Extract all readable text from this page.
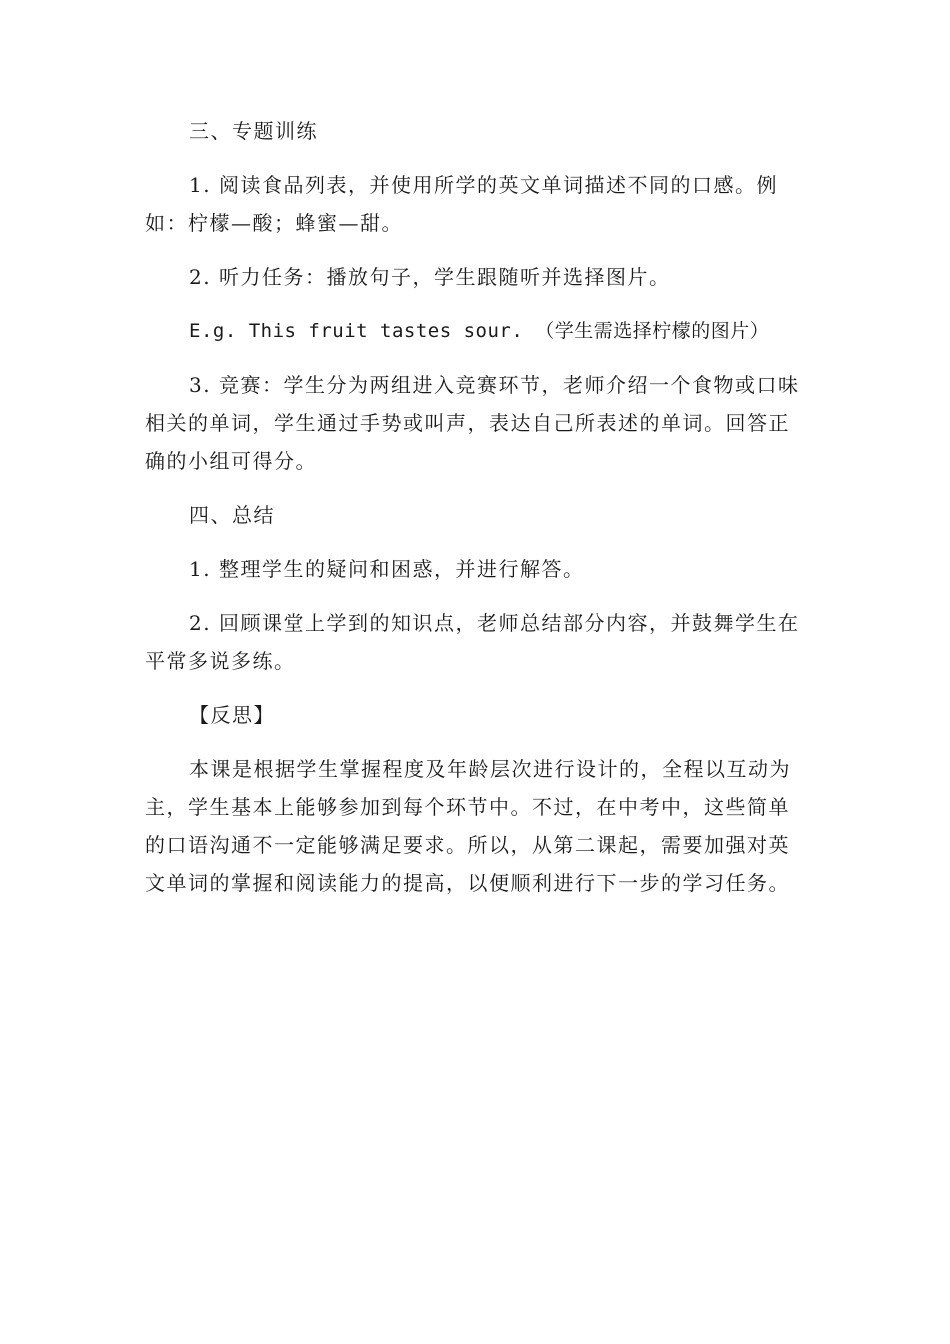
三、专题训练

1. 阅读食品列表，并使用所学的英文单词描述不同的口感。例如：柠檬—酸；蜂蜜—甜。

2. 听力任务：播放句子，学生跟随听并选择图片。

E.g. This fruit tastes sour. （学生需选择柠檬的图片）

3. 竞赛：学生分为两组进入竞赛环节，老师介绍一个食物或口味相关的单词，学生通过手势或叫声，表达自己所表述的单词。回答正确的小组可得分。

四、总结

1. 整理学生的疑问和困惑，并进行解答。

2. 回顾课堂上学到的知识点，老师总结部分内容，并鼓舞学生在平常多说多练。

【反思】

本课是根据学生掌握程度及年龄层次进行设计的，全程以互动为主，学生基本上能够参加到每个环节中。不过，在中考中，这些简单的口语沟通不一定能够满足要求。所以，从第二课起，需要加强对英文单词的掌握和阅读能力的提高，以便顺利进行下一步的学习任务。
